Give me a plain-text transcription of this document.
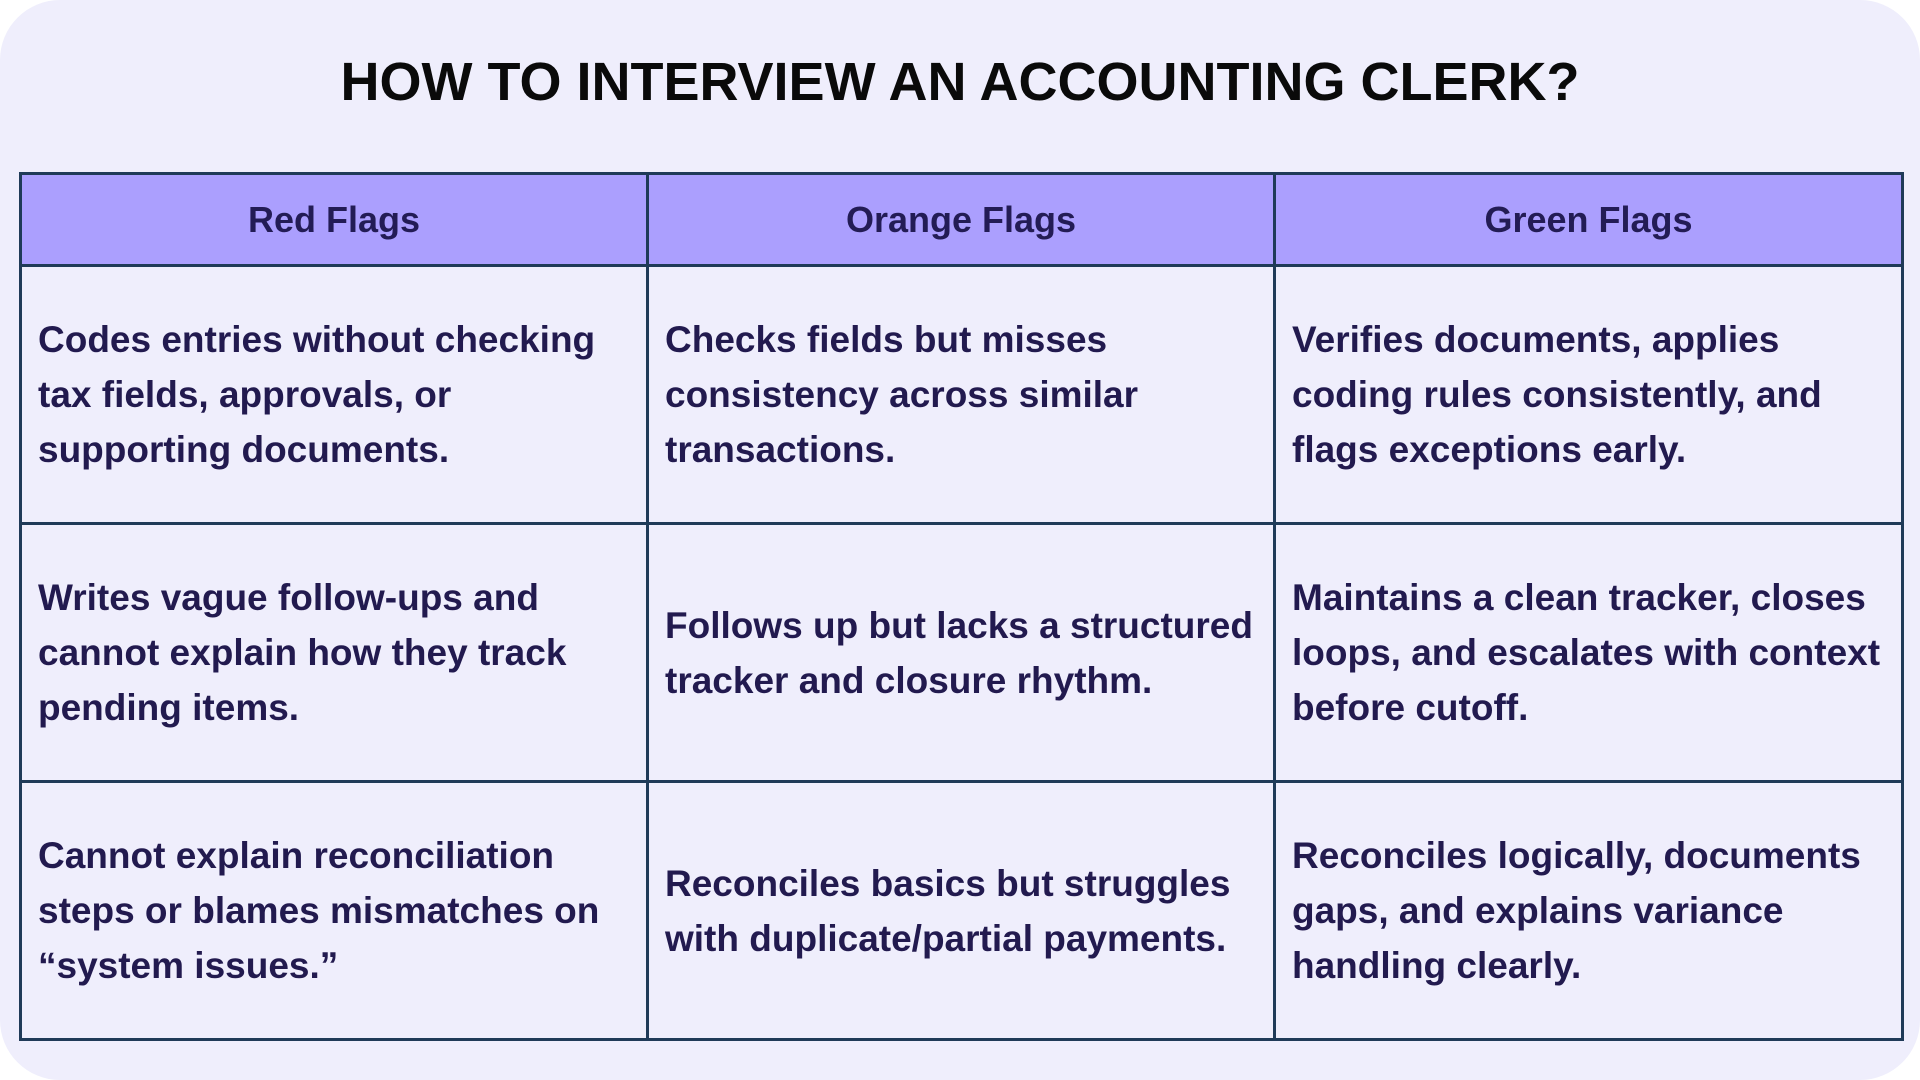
HOW TO INTERVIEW AN ACCOUNTING CLERK?
Red Flags	Orange Flags	Green Flags
Codes entries without checking tax fields, approvals, or supporting documents.	Checks fields but misses consistency across similar transactions.	Verifies documents, applies coding rules consistently, and flags exceptions early.
Writes vague follow-ups and cannot explain how they track pending items.	Follows up but lacks a structured tracker and closure rhythm.	Maintains a clean tracker, closes loops, and escalates with context before cutoff.
Cannot explain reconciliation steps or blames mismatches on “system issues.”	Reconciles basics but struggles with duplicate/partial payments.	Reconciles logically, documents gaps, and explains variance handling clearly.
